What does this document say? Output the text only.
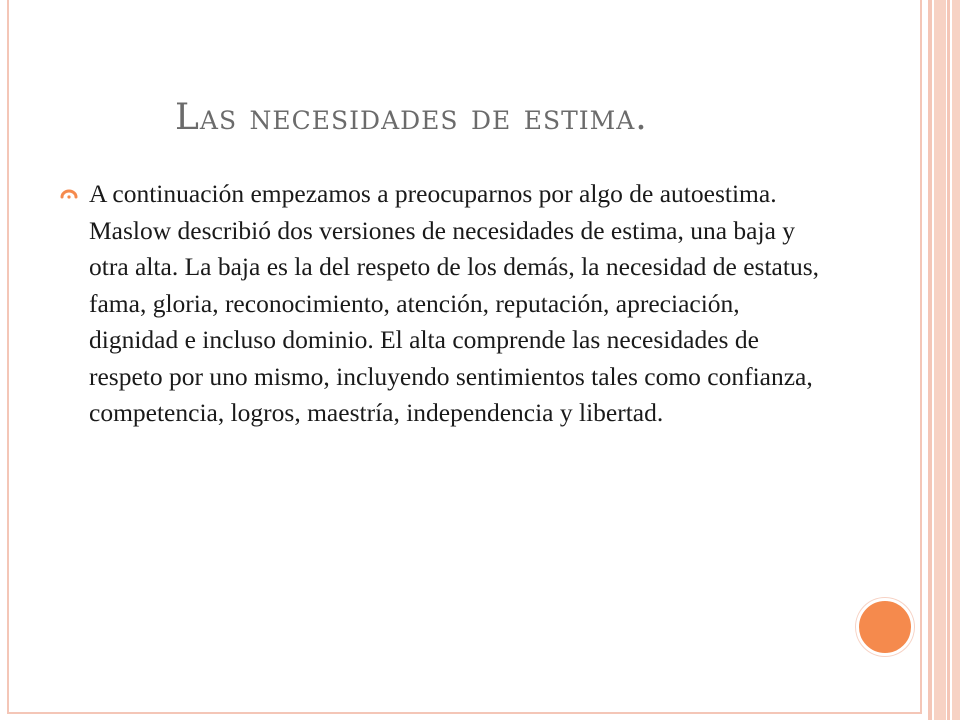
Las necesidades de estima.

A continuación empezamos a preocuparnos por algo de autoestima. Maslow describió dos versiones de necesidades de estima, una baja y otra alta. La baja es la del respeto de los demás, la necesidad de estatus, fama, gloria, reconocimiento, atención, reputación, apreciación, dignidad e incluso dominio. El alta comprende las necesidades de respeto por uno mismo, incluyendo sentimientos tales como confianza, competencia, logros, maestría, independencia y libertad.
